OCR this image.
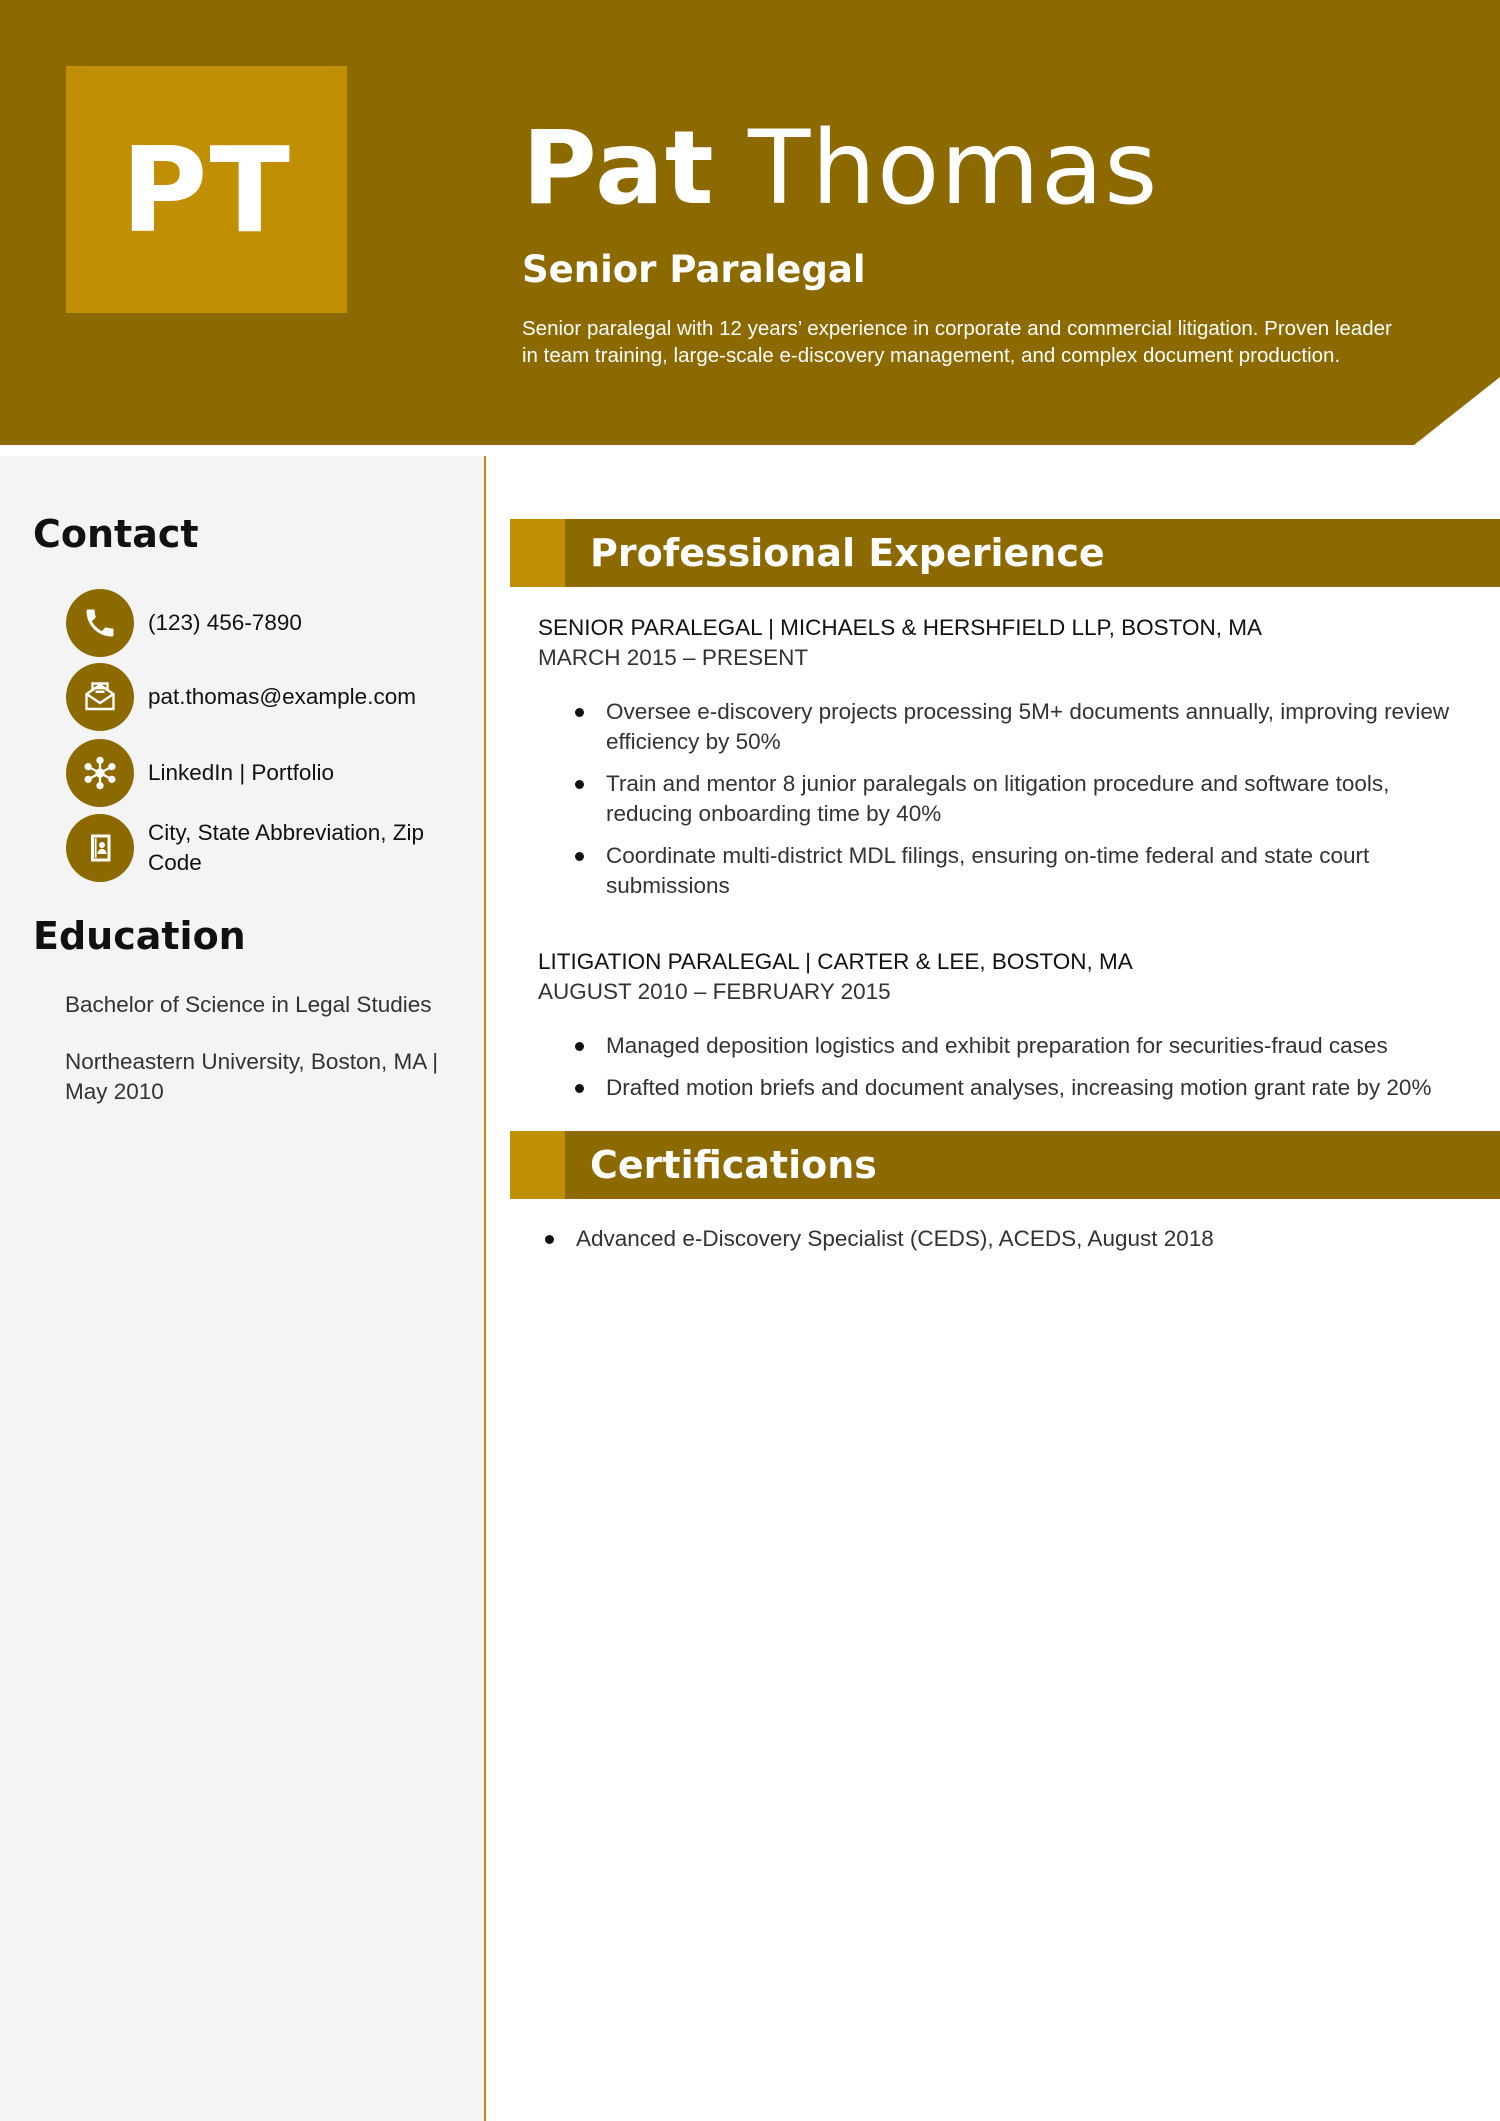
PT	Pat Thomas
Senior Paralegal
Senior paralegal with 12 years’ experience in corporate and commercial litigation. Proven leader in team training, large-scale e-discovery management, and complex document production.
Contact
(123) 456-7890
pat.thomas@example.com
LinkedIn | Portfolio
City, State Abbreviation, Zip Code
Education
Bachelor of Science in Legal Studies
Northeastern University, Boston, MA | May 2010
Professional Experience
SENIOR PARALEGAL | MICHAELS & HERSHFIELD LLP, BOSTON, MA
MARCH 2015 – PRESENT
Oversee e-discovery projects processing 5M+ documents annually, improving review efficiency by 50%
Train and mentor 8 junior paralegals on litigation procedure and software tools, reducing onboarding time by 40%
Coordinate multi-district MDL filings, ensuring on-time federal and state court submissions
LITIGATION PARALEGAL | CARTER & LEE, BOSTON, MA
AUGUST 2010 – FEBRUARY 2015
Managed deposition logistics and exhibit preparation for securities-fraud cases
Drafted motion briefs and document analyses, increasing motion grant rate by 20%
Certifications
Advanced e-Discovery Specialist (CEDS), ACEDS, August 2018
